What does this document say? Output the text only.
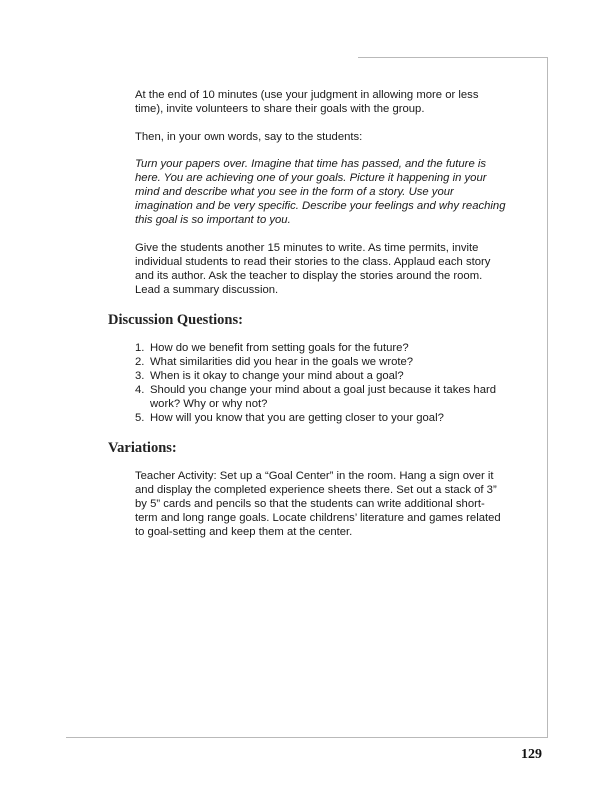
At the end of 10 minutes (use your judgment in allowing more or less time), invite volunteers to share their goals with the group.

Then, in your own words, say to the students:

Turn your papers over. Imagine that time has passed, and the future is here. You are achieving one of your goals. Picture it happening in your mind and describe what you see in the form of a story. Use your imagination and be very specific. Describe your feelings and why reaching this goal is so important to you.

Give the students another 15 minutes to write. As time permits, invite individual students to read their stories to the class. Applaud each story and its author. Ask the teacher to display the stories around the room. Lead a summary discussion.

Discussion Questions:
1. How do we benefit from setting goals for the future?
2. What similarities did you hear in the goals we wrote?
3. When is it okay to change your mind about a goal?
4. Should you change your mind about a goal just because it takes hard work? Why or why not?
5. How will you know that you are getting closer to your goal?
Variations:

Teacher Activity: Set up a “Goal Center” in the room. Hang a sign over it and display the completed experience sheets there. Set out a stack of 3” by 5” cards and pencils so that the students can write additional short-term and long range goals. Locate childrens’ literature and games related to goal-setting and keep them at the center.

129
